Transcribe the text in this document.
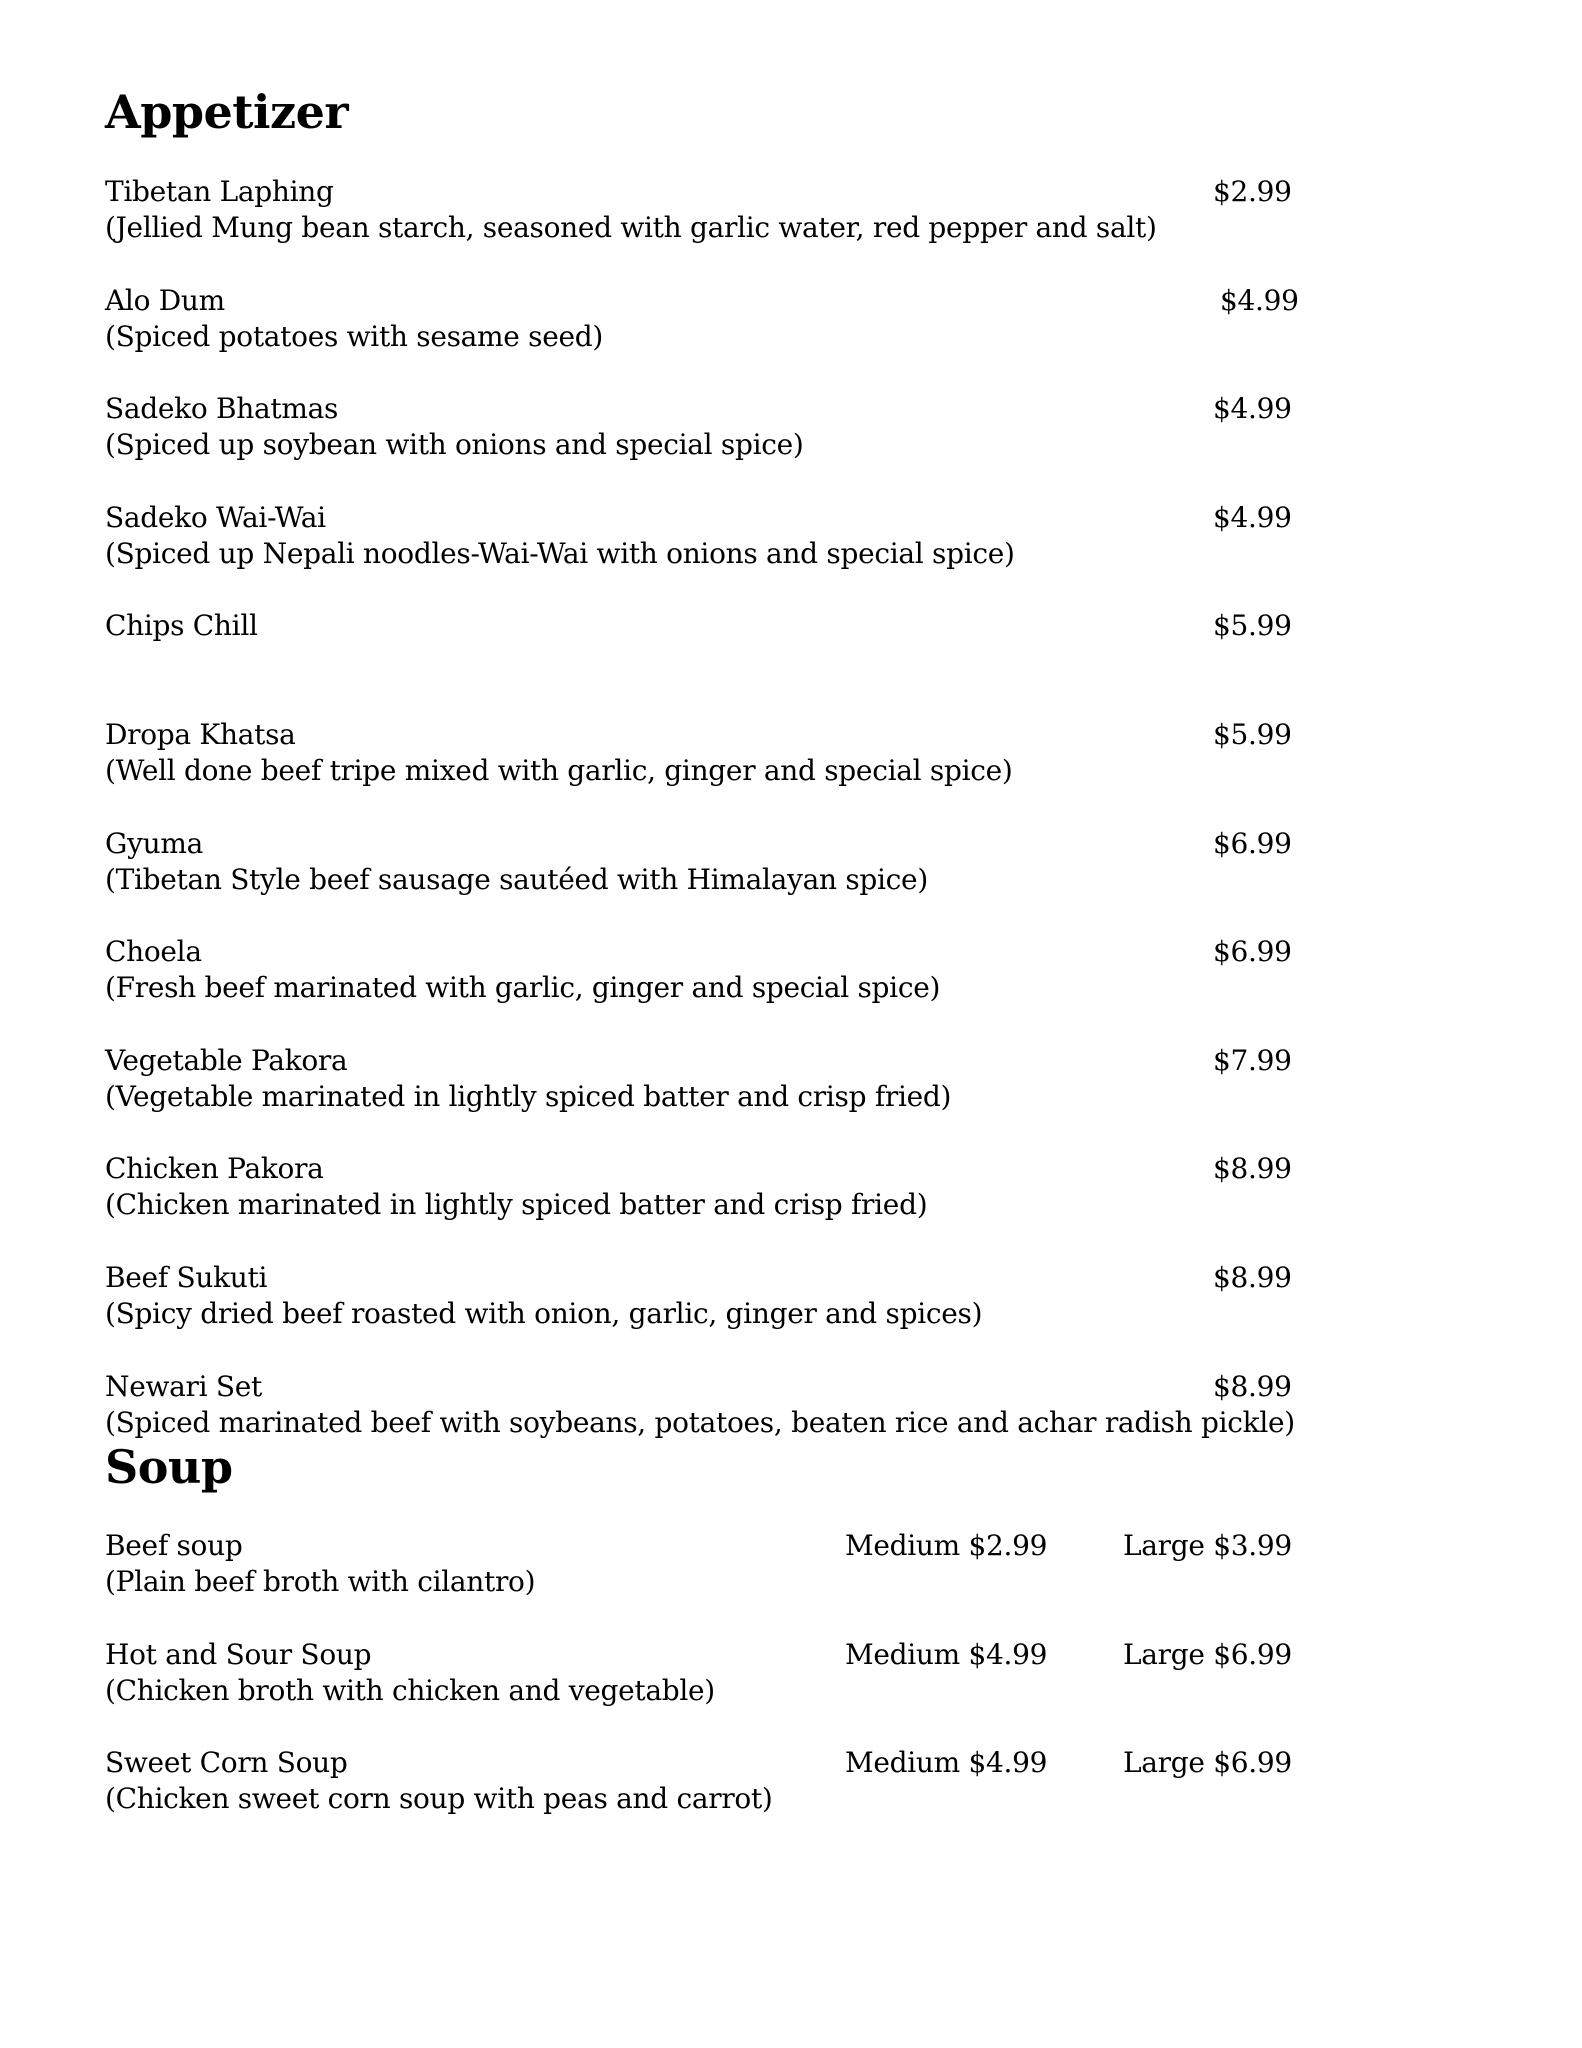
Appetizer
Tibetan Laphing	$2.99
(Jellied Mung bean starch, seasoned with garlic water, red pepper and salt)
Alo Dum	$4.99
(Spiced potatoes with sesame seed)
Sadeko Bhatmas	$4.99
(Spiced up soybean with onions and special spice)
Sadeko Wai-Wai	$4.99
(Spiced up Nepali noodles-Wai-Wai with onions and special spice)
Chips Chill	$5.99
Dropa Khatsa	$5.99
(Well done beef tripe mixed with garlic, ginger and special spice)
Gyuma	$6.99
(Tibetan Style beef sausage sautéed with Himalayan spice)
Choela	$6.99
(Fresh beef marinated with garlic, ginger and special spice)
Vegetable Pakora	$7.99
(Vegetable marinated in lightly spiced batter and crisp fried)
Chicken Pakora	$8.99
(Chicken marinated in lightly spiced batter and crisp fried)
Beef Sukuti	$8.99
(Spicy dried beef roasted with onion, garlic, ginger and spices)
Newari Set	$8.99
(Spiced marinated beef with soybeans, potatoes, beaten rice and achar radish pickle)
Soup
Beef soup	Medium $2.99	Large $3.99
(Plain beef broth with cilantro)
Hot and Sour Soup	Medium $4.99	Large $6.99
(Chicken broth with chicken and vegetable)
Sweet Corn Soup	Medium $4.99	Large $6.99
(Chicken sweet corn soup with peas and carrot)
